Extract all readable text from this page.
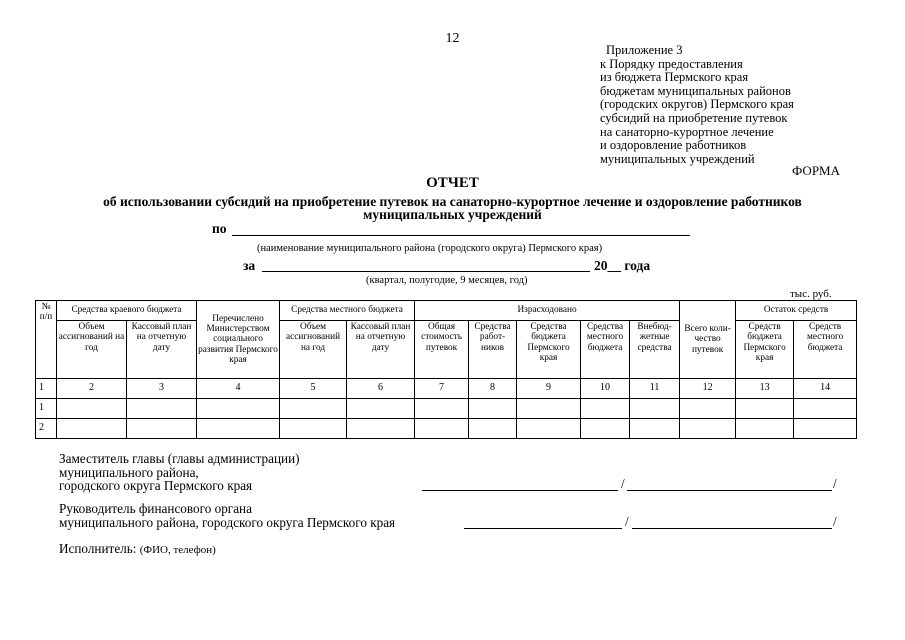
12
Приложение 3
к Порядку предоставления
из бюджета Пермского края
бюджетам муниципальных районов
(городских округов) Пермского края
субсидий на приобретение путевок
на санаторно-курортное лечение
и оздоровление работников
муниципальных учреждений
ФОРМА
ОТЧЕТ
об использовании субсидий на приобретение путевок на санаторно-курортное лечение и оздоровление работников
муниципальных учреждений
по
(наименование муниципального района (городского округа) Пермского края)
за	20__ года
(квартал, полугодие, 9 месяцев, год)
тыс. руб.
№ п/п	Средства краевого бюджета		Перечислено Министерством социального развития Пермского края	Средства местного бюджета		Израсходовано					Всего коли-чество путевок	Остаток средств	
	Объем ассигнований на год	Кассовый план на отчетную дату		Объем ассигнований на год	Кассовый план на отчетную дату	Общая стоимость путевок	Средства работ-ников	Средства бюджета Пермского края	Средства местного бюджета	Внебюд-жетные средства		Средств бюджета Пермского края	Средств местного бюджета
1	2	3	4	5	6	7	8	9	10	11	12	13	14
1													
2													
Заместитель главы (главы администрации)
муниципального района,
городского округа Пермского края	/	/
Руководитель финансового органа
муниципального района, городского округа Пермского края	/	/
Исполнитель: (ФИО, телефон)
